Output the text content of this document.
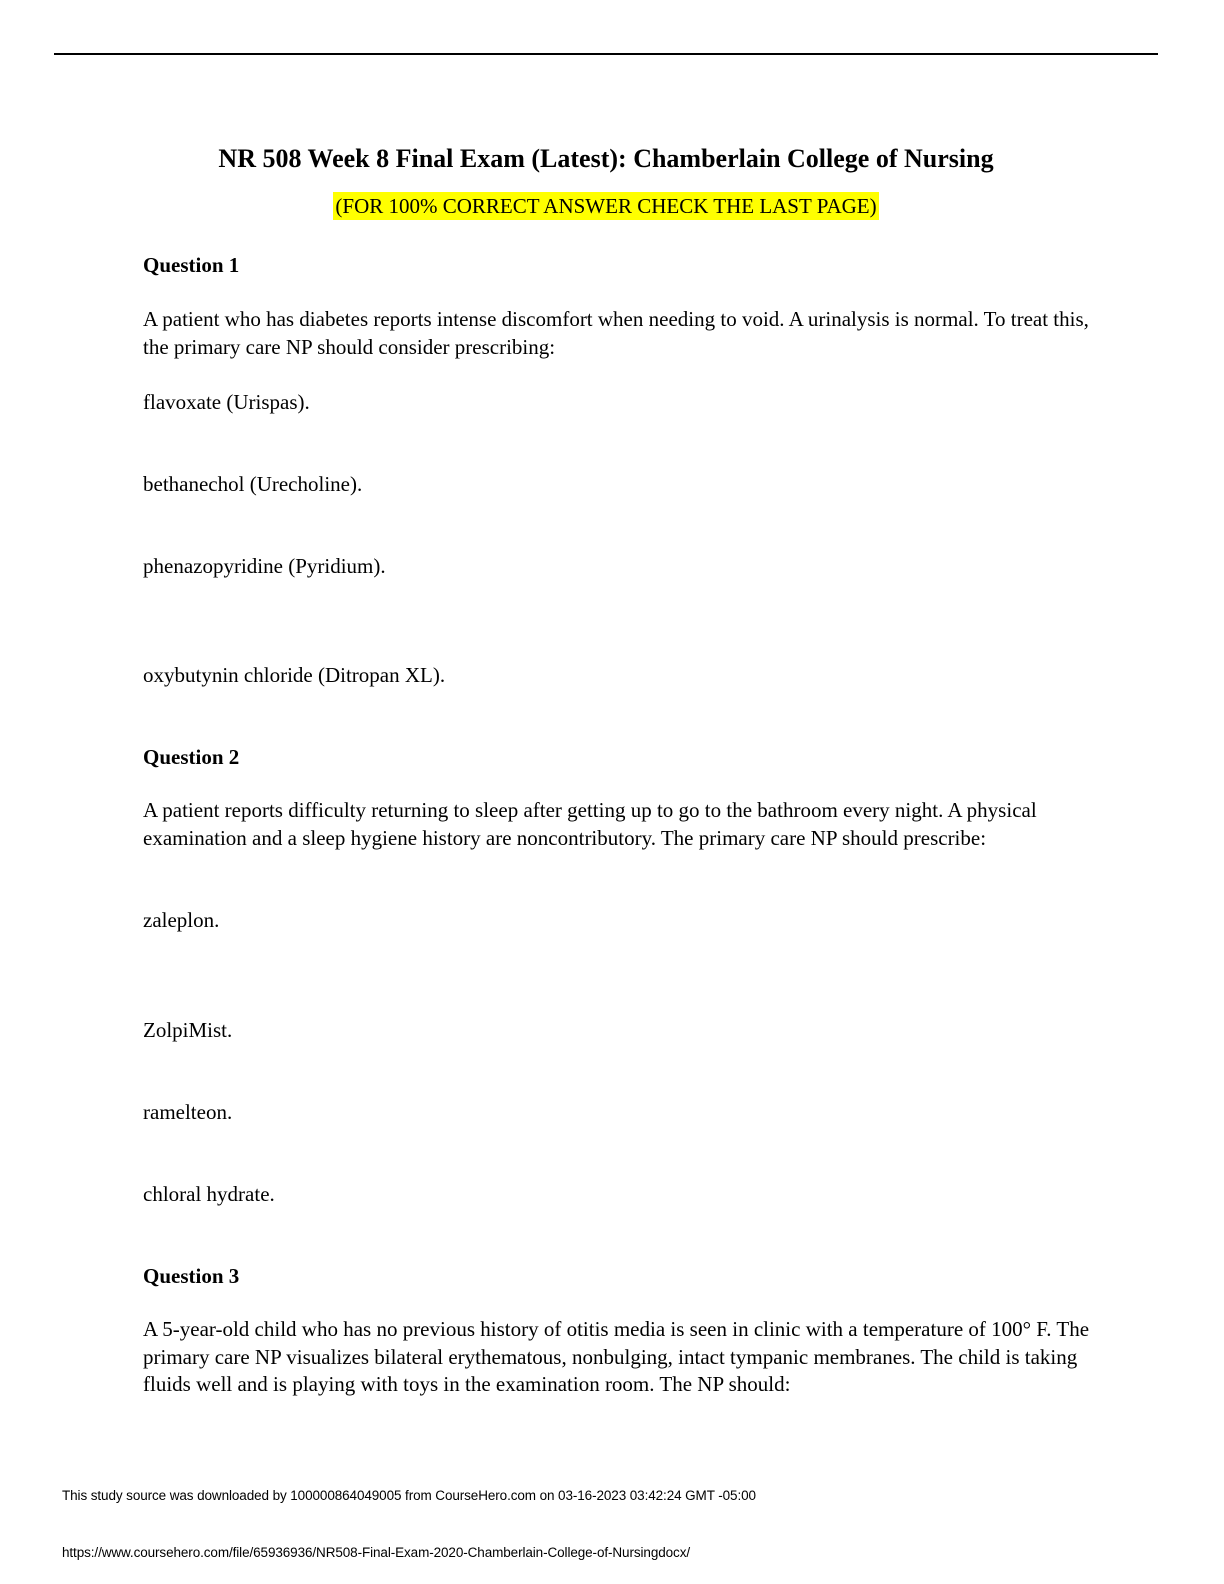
NR 508 Week 8 Final Exam (Latest): Chamberlain College of Nursing
(FOR 100% CORRECT ANSWER CHECK THE LAST PAGE)
Question 1
A patient who has diabetes reports intense discomfort when needing to void. A urinalysis is normal. To treat this, the primary care NP should consider prescribing:
flavoxate (Urispas).
bethanechol (Urecholine).
phenazopyridine (Pyridium).
oxybutynin chloride (Ditropan XL).
Question 2
A patient reports difficulty returning to sleep after getting up to go to the bathroom every night. A physical examination and a sleep hygiene history are noncontributory. The primary care NP should prescribe:
zaleplon.
ZolpiMist.
ramelteon.
chloral hydrate.
Question 3
A 5-year-old child who has no previous history of otitis media is seen in clinic with a temperature of 100° F. The primary care NP visualizes bilateral erythematous, nonbulging, intact tympanic membranes. The child is taking fluids well and is playing with toys in the examination room. The NP should:
This study source was downloaded by 100000864049005 from CourseHero.com on 03-16-2023 03:42:24 GMT -05:00
https://www.coursehero.com/file/65936936/NR508-Final-Exam-2020-Chamberlain-College-of-Nursingdocx/
